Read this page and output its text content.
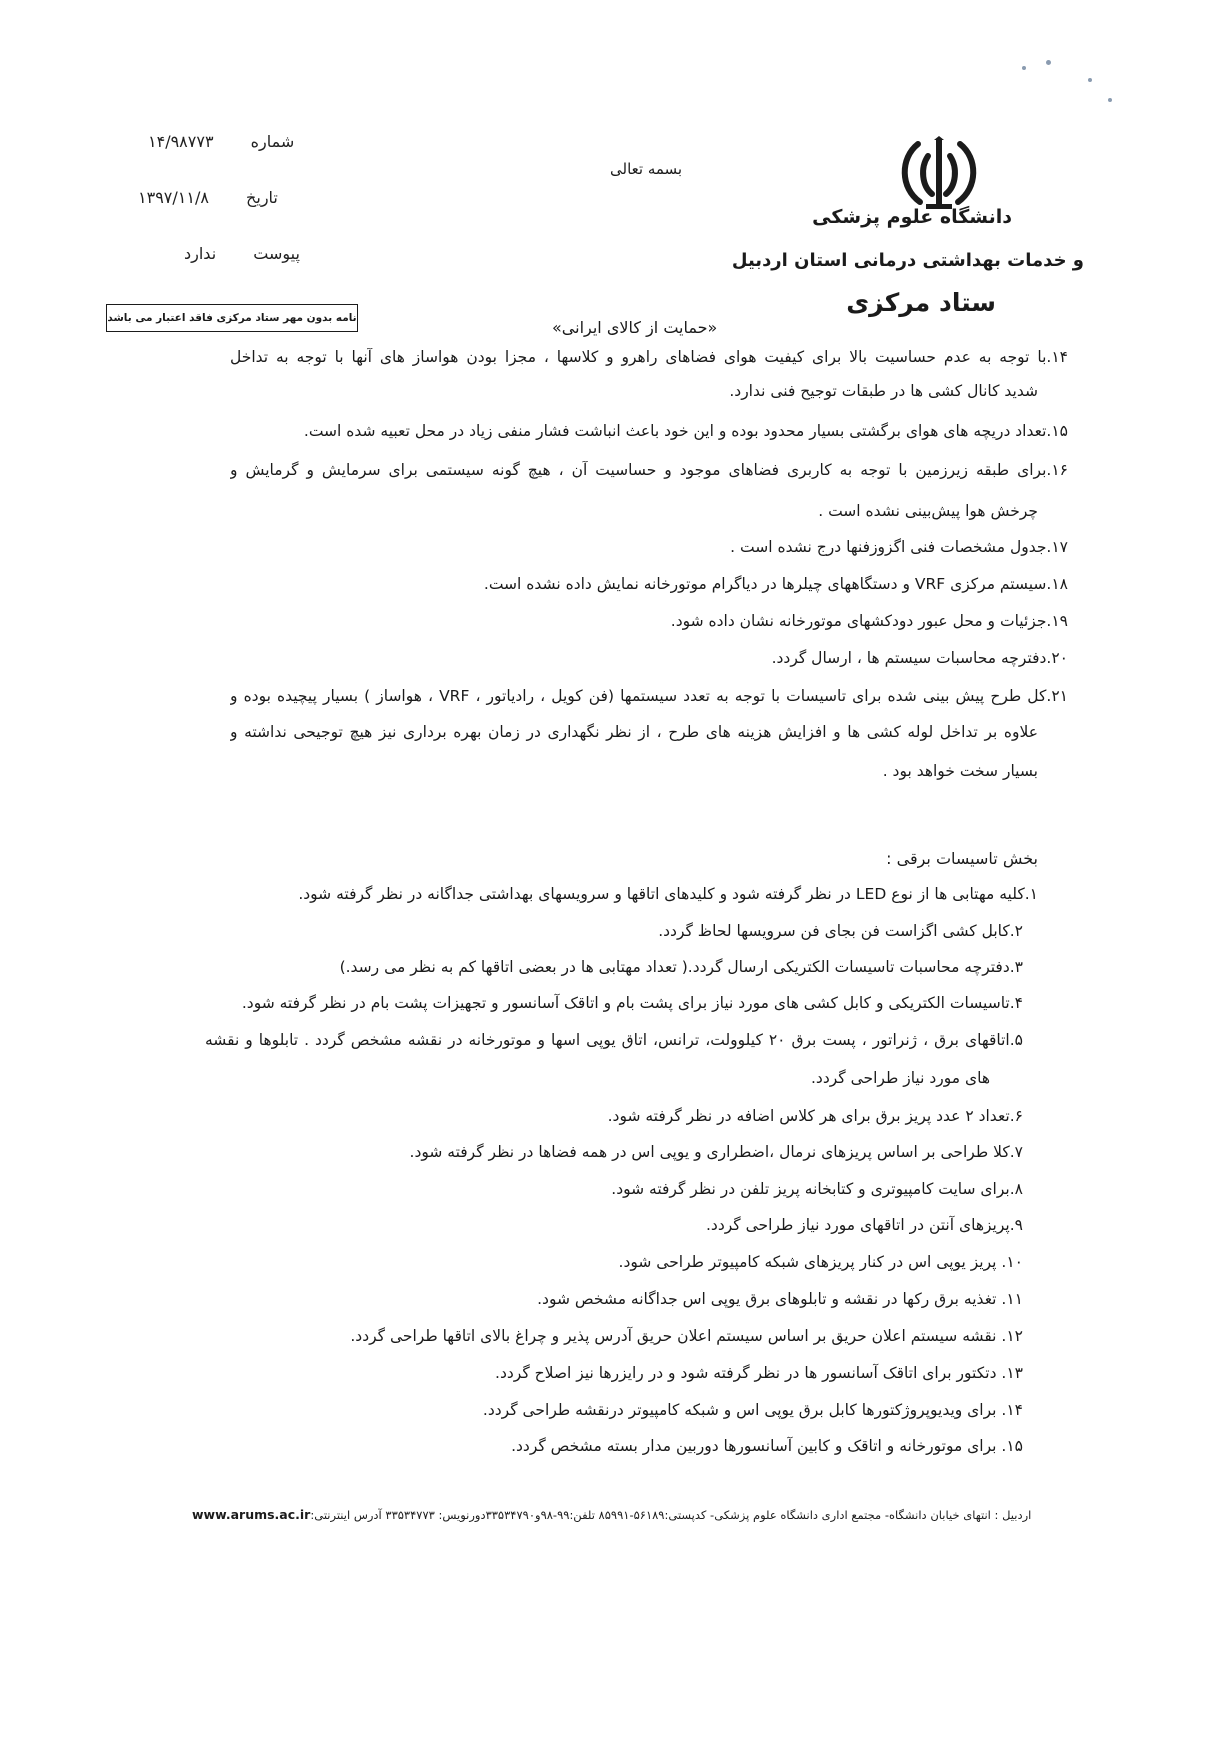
شماره ۱۴/۹۸۷۷۳
تاریخ ۱۳۹۷/۱۱/۸
پیوست ندارد
بسمه تعالی
دانشگاه علوم پزشکی
و خدمات بهداشتی درمانی استان اردبیل
ستاد مرکزی
نامه بدون مهر ستاد مرکزی فاقد اعتبار می باشد	«حمایت از کالای ایرانی»
۱۴.با توجه به عدم حساسیت بالا برای کیفیت هوای فضاهای راهرو و کلاسها ، مجزا بودن هواساز های آنها با توجه به تداخل
شدید کانال کشی ها در طبقات توجیح فنی ندارد.
۱۵.تعداد دریچه های هوای برگشتی بسیار محدود بوده و این خود باعث انباشت فشار منفی زیاد در محل تعبیه شده است.
۱۶.برای طبقه زیرزمین با توجه به کاربری فضاهای موجود و حساسیت آن ، هیچ گونه سیستمی برای سرمایش و گرمایش و
چرخش هوا پیش‌بینی نشده است .
۱۷.جدول مشخصات فنی اگزوزفنها درج نشده است .
۱۸.سیستم مرکزی VRF و دستگاههای چیلرها در دیاگرام موتورخانه نمایش داده نشده است.
۱۹.جزئیات و محل عبور دودکشهای موتورخانه نشان داده شود.
۲۰.دفترچه محاسبات سیستم ها ، ارسال گردد.
۲۱.کل طرح پیش بینی شده برای تاسیسات با توجه به تعدد سیستمها (فن کویل ، رادیاتور ، VRF ، هواساز ) بسیار پیچیده بوده و
علاوه بر تداخل لوله کشی ها و افزایش هزینه های طرح ، از نظر نگهداری در زمان بهره برداری نیز هیچ توجیحی نداشته و
بسیار سخت خواهد بود .
بخش تاسیسات برقی :
۱.کلیه مهتابی ها از نوع LED در نظر گرفته شود و کلیدهای اتاقها و سرویسهای بهداشتی جداگانه در نظر گرفته شود.
۲.کابل کشی اگزاست فن بجای فن سرویسها لحاظ گردد.
۳.دفترچه محاسبات تاسیسات الکتریکی ارسال گردد.( تعداد مهتابی ها در بعضی اتاقها کم به نظر می رسد.)
۴.تاسیسات الکتریکی و کابل کشی های مورد نیاز برای پشت بام و اتاقک آسانسور و تجهیزات پشت بام در نظر گرفته شود.
۵.اتاقهای برق ، ژنراتور ، پست برق ۲۰ کیلوولت، ترانس، اتاق یوپی اسها و موتورخانه در نقشه مشخص گردد . تابلوها و نقشه
های مورد نیاز طراحی گردد.
۶.تعداد ۲ عدد پریز برق برای هر کلاس اضافه در نظر گرفته شود.
۷.کلا طراحی بر اساس پریزهای نرمال ،اضطراری و یو‌پی اس در همه فضاها در نظر گرفته شود.
۸.برای سایت کامپیوتری و کتابخانه پریز تلفن در نظر گرفته شود.
۹.پریزهای آنتن در اتاقهای مورد نیاز طراحی گردد.
۱۰. پریز یوپی اس در کنار پریزهای شبکه کامپیوتر طراحی شود.
۱۱. تغذیه برق رکها در نقشه و تابلوهای برق یوپی اس جداگانه مشخص شود.
۱۲. نقشه سیستم اعلان حریق بر اساس سیستم اعلان حریق آدرس پذیر و چراغ بالای اتاقها طراحی گردد.
۱۳. دتکتور برای اتاقک آسانسور ها در نظر گرفته شود و در رایزرها نیز اصلاح گردد.
۱۴. برای ویدیوپروژکتورها کابل برق یوپی اس و شبکه کامپیوتر درنقشه طراحی گردد.
۱۵. برای موتورخانه و اتاقک و کابین آسانسورها دوربین مدار بسته مشخص گردد.
اردبیل : انتهای خیابان دانشگاه- مجتمع اداری دانشگاه علوم پزشکی- کدپستی:۵۶۱۸۹-۸۵۹۹۱ تلفن:۹۹-۹۸و۳۳۵۳۴۷۹۰دورنویس: ۳۳۵۳۴۷۷۳ آدرس اینترنتی:www.arums.ac.ir
